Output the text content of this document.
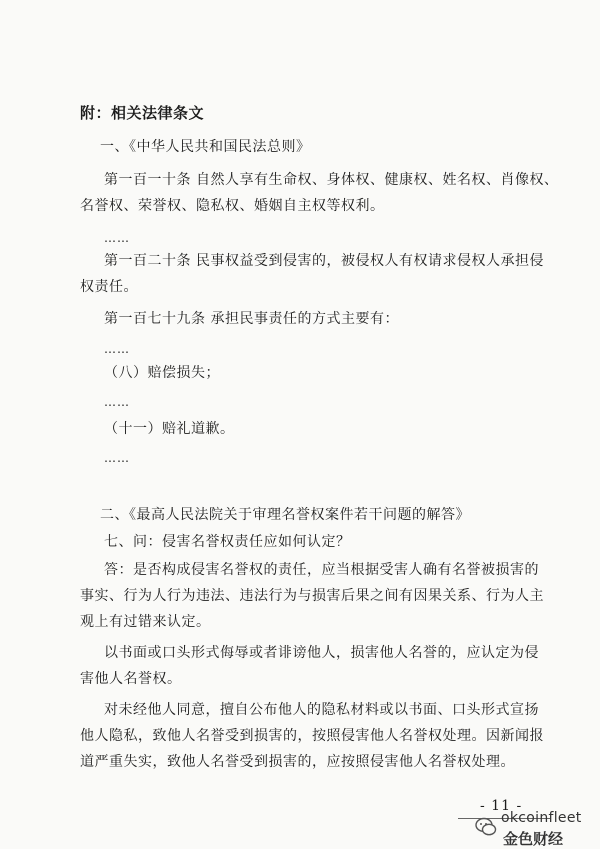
附：相关法律条文
一、《中华人民共和国民法总则》
第一百一十条 自然人享有生命权、身体权、健康权、姓名权、肖像权、
名誉权、荣誉权、隐私权、婚姻自主权等权利。
……
第一百二十条 民事权益受到侵害的，被侵权人有权请求侵权人承担侵
权责任。
第一百七十九条 承担民事责任的方式主要有：
……
（八）赔偿损失；
……
（十一）赔礼道歉。
……
二、《最高人民法院关于审理名誉权案件若干问题的解答》
七、问：侵害名誉权责任应如何认定？
答：是否构成侵害名誉权的责任，应当根据受害人确有名誉被损害的
事实、行为人行为违法、违法行为与损害后果之间有因果关系、行为人主
观上有过错来认定。
以书面或口头形式侮辱或者诽谤他人，损害他人名誉的，应认定为侵
害他人名誉权。
对未经他人同意，擅自公布他人的隐私材料或以书面、口头形式宣扬
他人隐私，致他人名誉受到损害的，按照侵害他人名誉权处理。因新闻报
道严重失实，致他人名誉受到损害的，应按照侵害他人名誉权处理。
- 11 -
okcoinfleet
金色财经
